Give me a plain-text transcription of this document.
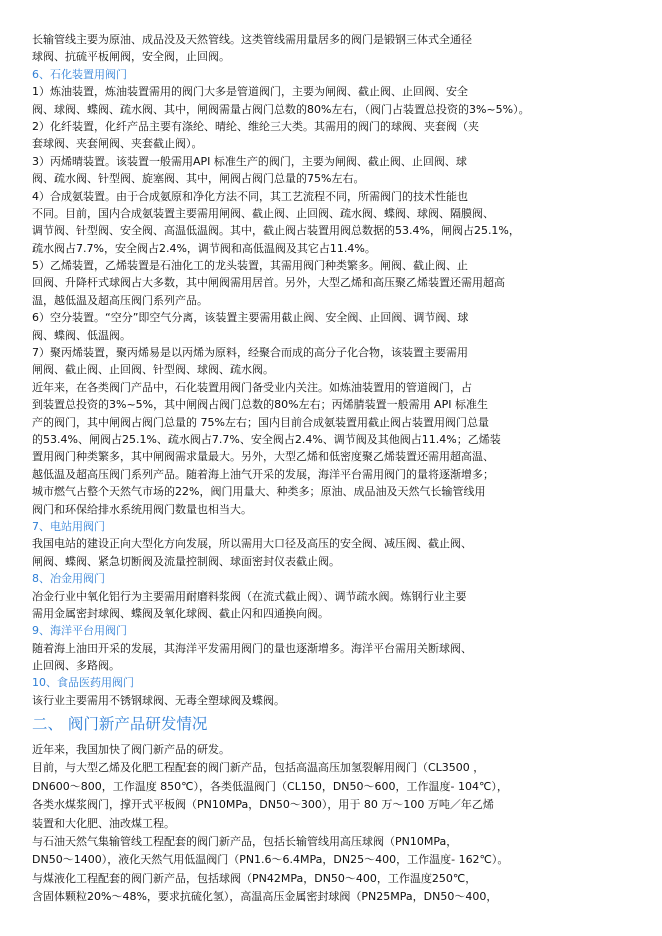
长输管线主要为原油、成品没及天然管线。这类管线需用量居多的阀门是锻钢三体式全通径
球阀、抗硫平板闸阀，安全阀，止回阀。
6、石化装置用阀门
1）炼油装置，炼油装置需用的阀门大多是管道阀门，主要为闸阀、截止阀、止回阀、安全
阀、球阀、蝶阀、疏水阀、其中，闸阀需量占阀门总数的80%左右，（阀门占装置总投资的3%~5%）。
2）化纤装置，化纤产品主要有涤纶、晴纶、维纶三大类。其需用的阀门的球阀、夹套阀（夹
套球阀、夹套闸阀、夹套截止阀）。
3）丙烯晴装置。该装置一般需用API 标准生产的阀门，主要为闸阀、截止阀、止回阀、球
阀、疏水阀、针型阀、旋塞阀、其中，闸阀占阀门总量的75%左右。
4）合成氨装置。由于合成氨原和净化方法不同，其工艺流程不同，所需阀门的技术性能也
不同。目前，国内合成氨装置主要需用闸阀、截止阀、止回阀、疏水阀、蝶阀、球阀、隔膜阀、
调节阀、针型阀、安全阀、高温低温阀。其中，截止阀占装置用阀总数据的53.4%，闸阀占25.1%，
疏水阀占7.7%，安全阀占2.4%，调节阀和高低温阀及其它占11.4%。
5）乙烯装置，乙烯装置是石油化工的龙头装置，其需用阀门种类繁多。闸阀、截止阀、止
回阀、升降杆式球阀占大多数，其中闸阀需用居首。另外，大型乙烯和高压聚乙烯装置还需用超高
温，越低温及超高压阀门系列产品。
6）空分装置。“空分”即空气分离，该装置主要需用截止阀、安全阀、止回阀、调节阀、球
阀、蝶阀、低温阀。
7）聚丙烯装置，聚丙烯易是以丙烯为原料，经聚合而成的高分子化合物，该装置主要需用
闸阀、截止阀、止回阀、针型阀、球阀、疏水阀。
近年来，在各类阀门产品中，石化装置用阀门备受业内关注。如炼油装置用的管道阀门，占
到装置总投资的3%~5%，其中闸阀占阀门总数的80%左右；丙烯腈装置一般需用 API 标准生
产的阀门，其中闸阀占阀门总量的 75%左右；国内目前合成氨装置用截止阀占装置用阀门总量
的53.4%、闸阀占25.1%、疏水阀占7.7%、安全阀占2.4%、调节阀及其他阀占11.4%；乙烯装
置用阀门种类繁多，其中闸阀需求量最大。另外，大型乙烯和低密度聚乙烯装置还需用超高温、
越低温及超高压阀门系列产品。随着海上油气开采的发展，海洋平台需用阀门的量将逐渐增多；
城市燃气占整个天然气市场的22%，阀门用量大、种类多；原油、成品油及天然气长输管线用
阀门和环保给排水系统用阀门数量也相当大。
7、电站用阀门
我国电站的建设正向大型化方向发展，所以需用大口径及高压的安全阀、减压阀、截止阀、
闸阀、蝶阀、紧急切断阀及流量控制阀、球面密封仪表截止阀。
8、冶金用阀门
冶金行业中氧化铝行为主要需用耐磨料浆阀（在流式截止阀）、调节疏水阀。炼钢行业主要
需用金属密封球阀、蝶阀及氧化球阀、截止闪和四通换向阀。
9、海洋平台用阀门
随着海上油田开采的发展，其海洋平发需用阀门的量也逐渐增多。海洋平台需用关断球阀、
止回阀、多路阀。
10、食品医药用阀门
该行业主要需用不锈钢球阀、无毒全塑球阀及蝶阀。
二、 阀门新产品研发情况
近年来，我国加快了阀门新产品的研发。
目前，与大型乙烯及化肥工程配套的阀门新产品，包括高温高压加氢裂解用阀门（CL3500 ，
DN600～800，工作温度 850℃），各类低温阀门（CL150，DN50～600，工作温度- 104℃），
各类水煤浆阀门，撑开式平板阀（PN10MPa，DN50～300），用于 80 万～100 万吨／年乙烯
装置和大化肥、油改煤工程。
与石油天然气集输管线工程配套的阀门新产品，包括长输管线用高压球阀（PN10MPa，
DN50～1400），液化天然气用低温阀门（PN1.6～6.4MPa，DN25～400，工作温度- 162℃）。
与煤液化工程配套的阀门新产品，包括球阀（PN42MPa，DN50～400，工作温度250℃，
含固体颗粒20%～48%，要求抗硫化氢），高温高压金属密封球阀（PN25MPa，DN50～400，
